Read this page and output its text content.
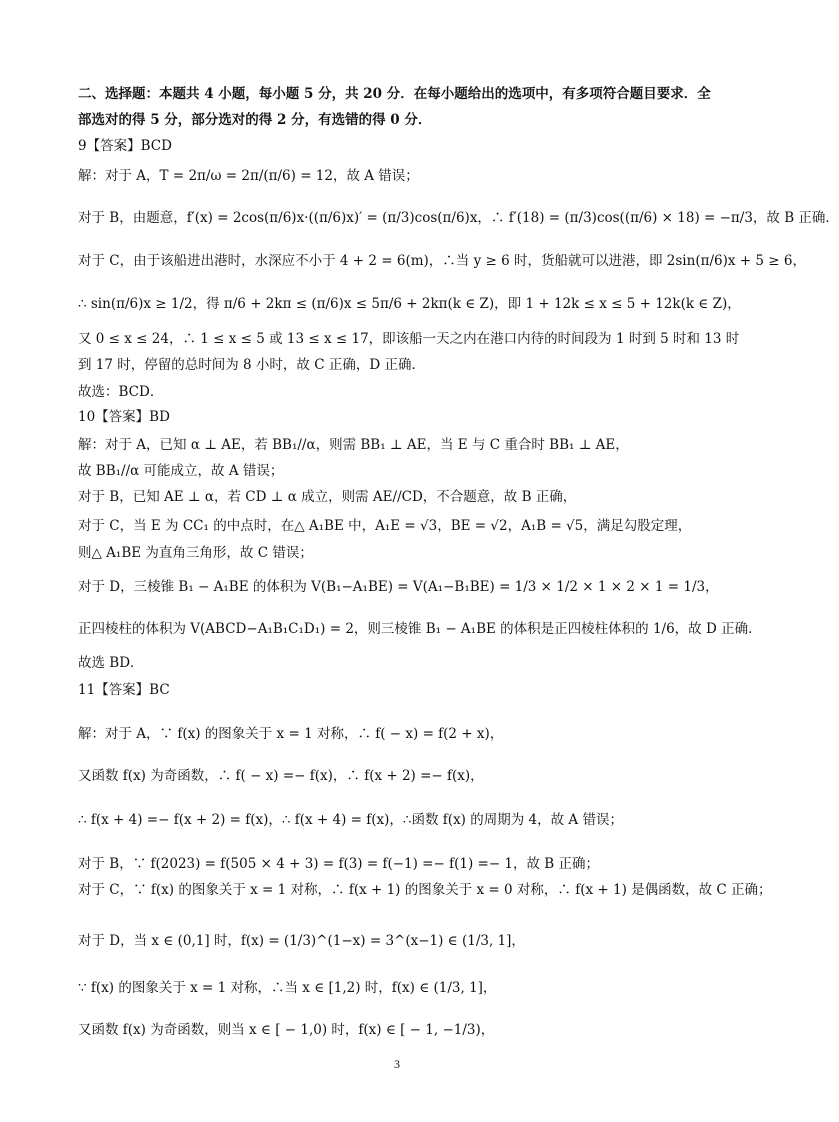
二、选择题：本题共 4 小题，每小题 5 分，共 20 分．在每小题给出的选项中，有多项符合题目要求．全
部选对的得 5 分，部分选对的得 2 分，有选错的得 0 分．
9【答案】BCD
解：对于 A，T = 2π/ω = 2π/(π/6) = 12，故 A 错误；
对于 B，由题意，f′(x) = 2cos(π/6)x·((π/6)x)′ = (π/3)cos(π/6)x，∴ f′(18) = (π/3)cos((π/6) × 18) = −π/3，故 B 正确．
对于 C，由于该船进出港时，水深应不小于 4 + 2 = 6(m)，∴当 y ≥ 6 时，货船就可以进港，即 2sin(π/6)x + 5 ≥ 6，
∴ sin(π/6)x ≥ 1/2，得 π/6 + 2kπ ≤ (π/6)x ≤ 5π/6 + 2kπ(k ∈ Z)，即 1 + 12k ≤ x ≤ 5 + 12k(k ∈ Z)，
又 0 ≤ x ≤ 24，∴ 1 ≤ x ≤ 5 或 13 ≤ x ≤ 17，即该船一天之内在港口内待的时间段为 1 时到 5 时和 13 时
到 17 时，停留的总时间为 8 小时，故 C 正确，D 正确．
故选：BCD．
10【答案】BD
解：对于 A，已知 α ⊥ AE，若 BB₁//α，则需 BB₁ ⊥ AE，当 E 与 C 重合时 BB₁ ⊥ AE，
故 BB₁//α 可能成立，故 A 错误；
对于 B，已知 AE ⊥ α，若 CD ⊥ α 成立，则需 AE//CD，不合题意，故 B 正确，
对于 C，当 E 为 CC₁ 的中点时，在△ A₁BE 中，A₁E = √3，BE = √2，A₁B = √5，满足勾股定理，
则△ A₁BE 为直角三角形，故 C 错误；
对于 D，三棱锥 B₁ − A₁BE 的体积为 V(B₁−A₁BE) = V(A₁−B₁BE) = 1/3 × 1/2 × 1 × 2 × 1 = 1/3，
正四棱柱的体积为 V(ABCD−A₁B₁C₁D₁) = 2，则三棱锥 B₁ − A₁BE 的体积是正四棱柱体积的 1/6，故 D 正确．
故选 BD．
11【答案】BC
解：对于 A，∵ f(x) 的图象关于 x = 1 对称，∴ f( − x) = f(2 + x)，
又函数 f(x) 为奇函数，∴ f( − x) =− f(x)，∴ f(x + 2) =− f(x)，
∴ f(x + 4) =− f(x + 2) = f(x)，∴ f(x + 4) = f(x)，∴函数 f(x) 的周期为 4，故 A 错误；
对于 B，∵ f(2023) = f(505 × 4 + 3) = f(3) = f(−1) =− f(1) =− 1，故 B 正确；
对于 C，∵ f(x) 的图象关于 x = 1 对称，∴ f(x + 1) 的图象关于 x = 0 对称，∴ f(x + 1) 是偶函数，故 C 正确；
对于 D，当 x ∈ (0,1] 时，f(x) = (1/3)^(1−x) = 3^(x−1) ∈ (1/3, 1]，
∵ f(x) 的图象关于 x = 1 对称，∴当 x ∈ [1,2) 时，f(x) ∈ (1/3, 1]，
又函数 f(x) 为奇函数，则当 x ∈ [ − 1,0) 时，f(x) ∈ [ − 1, −1/3)，
3
